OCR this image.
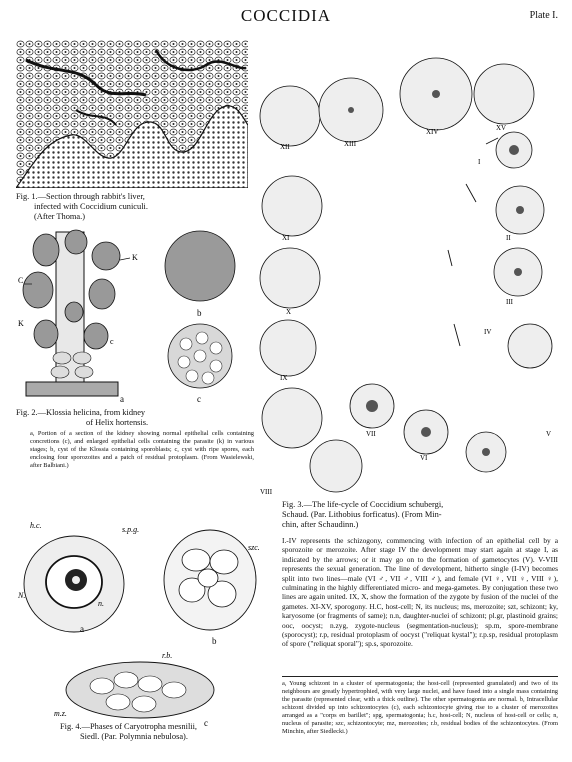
COCCIDIA	Plate I.
Fig. 1.—Section through rabbit's liver,
infected with Coccidium cuniculi.
(After Thoma.)
K
C
K
c
a
b
c
Fig. 2.—Klossia helicina, from kidney
of Helix hortensis.
a, Portion of a section of the kidney showing normal epithelial cells containing concretions (c), and enlarged epithelial cells containing the parasite (k) in various stages; b, cyst of the Klossia containing sporoblasts; c, cyst with ripe spores, each enclosing four sporozoites and a patch of residual protoplasm. (From Wasielewski, after Balbiani.)
XII	XIII
XIV	XV
XI
X
IX
VIII
VII
VI
V
IV
III
II
I
Fig. 3.—The life-cycle of Coccidium schubergi,
Schaud. (Par. Lithobius forficatus). (From Min-
chin, after Schaudinn.)
I.-IV represents the schizogony, commencing with infection of an epithelial cell by a sporozoite or merozoite. After stage IV the development may start again at stage I, as indicated by the arrows; or it may go on to the formation of gametocytes (V). V-VIII represents the sexual generation. The line of development, hitherto single (I-IV) becomes split into two lines—male (VI ♂, VII ♂, VIII ♂), and female (VI ♀, VII ♀, VIII ♀), culminating in the highly differentiated micro- and mega-gametes. By conjugation these two lines are again united. IX, X, show the formation of the zygote by fusion of the nuclei of the gametes. XI-XV, sporogony. H.C, host-cell; N, its nucleus; ms, merozoite; szt, schizont; ky, karyosome (or fragments of same); n.n, daughter-nuclei of schizont; pl.gr, plastinoid grains; ooc, oocyst; n.zyg, zygote-nucleus (segmentation-nucleus); sp.m, spore-membrane (sporocyst); r.p, residual protoplasm of oocyst ("reliquat kystal"); r.p.sp, residual protoplasm of spore ("reliquat sporal"); sp.s, sporozoite.
h.c.	s.p.g.
szc.
N.
n.
a
b
r.b.
m.z.
c
Fig. 4.—Phases of Caryotropha mesnilii,
Siedl. (Par. Polymnia nebulosa).
a, Young schizont in a cluster of spermatogonia; the host-cell (represented granulated) and two of its neighbours are greatly hypertrophied, with very large nuclei, and have fused into a single mass containing the parasite (represented clear, with a thick outline). The other spermatogonia are normal. b, Intracellular schizont divided up into schizontocytes (c), each schizontocyte giving rise to a cluster of merozoites arranged as a "corps en barillet"; spg, spermatogonia; h.c, host-cell; N, nucleus of host-cell or cells; n, nucleus of parasite; szc, schizontocyte; mz, merozoites; r.b, residual bodies of the schizontocytes. (From Minchin, after Siedlecki.)
